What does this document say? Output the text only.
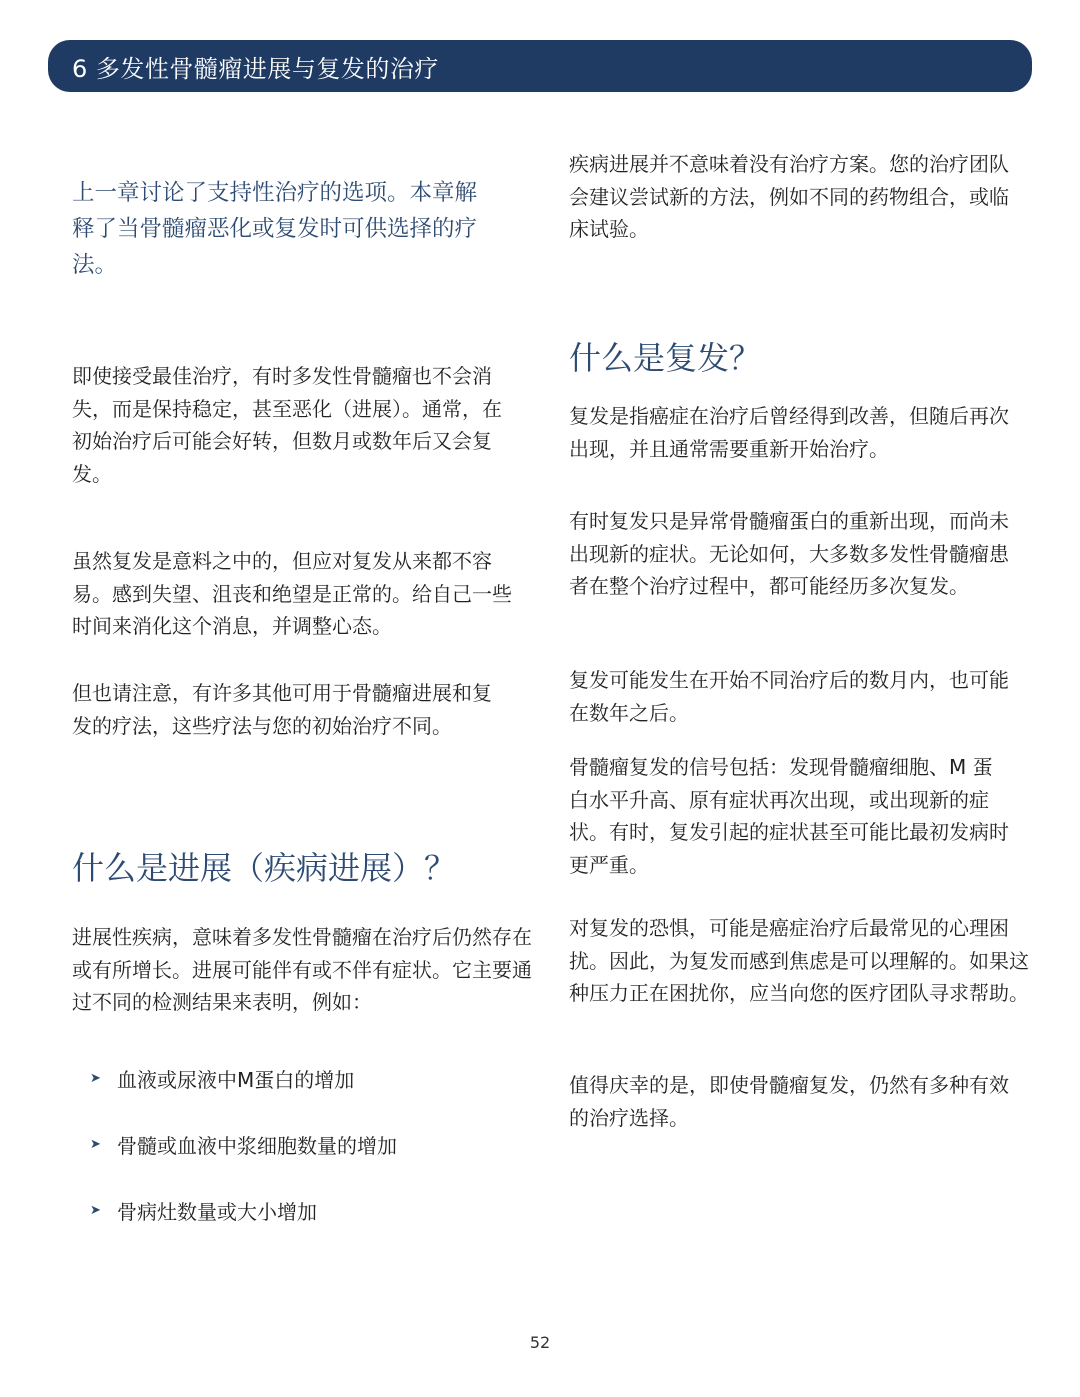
6 多发性骨髓瘤进展与复发的治疗
上一章讨论了支持性治疗的选项。本章解释了当骨髓瘤恶化或复发时可供选择的疗法。

即使接受最佳治疗，有时多发性骨髓瘤也不会消失，而是保持稳定，甚至恶化（进展）。通常，在初始治疗后可能会好转，但数月或数年后又会复发。

虽然复发是意料之中的，但应对复发从来都不容易。感到失望、沮丧和绝望是正常的。给自己一些时间来消化这个消息，并调整心态。

但也请注意，有许多其他可用于骨髓瘤进展和复发的疗法，这些疗法与您的初始治疗不同。

什么是进展（疾病进展）？

进展性疾病，意味着多发性骨髓瘤在治疗后仍然存在或有所增长。进展可能伴有或不伴有症状。它主要通过不同的检测结果来表明，例如：

➤ 血液或尿液中M蛋白的增加
➤ 骨髓或血液中浆细胞数量的增加
➤ 骨病灶数量或大小增加

疾病进展并不意味着没有治疗方案。您的治疗团队会建议尝试新的方法，例如不同的药物组合，或临床试验。

什么是复发？

复发是指癌症在治疗后曾经得到改善，但随后再次出现，并且通常需要重新开始治疗。

有时复发只是异常骨髓瘤蛋白的重新出现，而尚未出现新的症状。无论如何，大多数多发性骨髓瘤患者在整个治疗过程中，都可能经历多次复发。

复发可能发生在开始不同治疗后的数月内，也可能在数年之后。

骨髓瘤复发的信号包括：发现骨髓瘤细胞、M 蛋白水平升高、原有症状再次出现，或出现新的症状。有时，复发引起的症状甚至可能比最初发病时更严重。

对复发的恐惧，可能是癌症治疗后最常见的心理困扰。因此，为复发而感到焦虑是可以理解的。如果这种压力正在困扰你，应当向您的医疗团队寻求帮助。

值得庆幸的是，即使骨髓瘤复发，仍然有多种有效的治疗选择。

52
